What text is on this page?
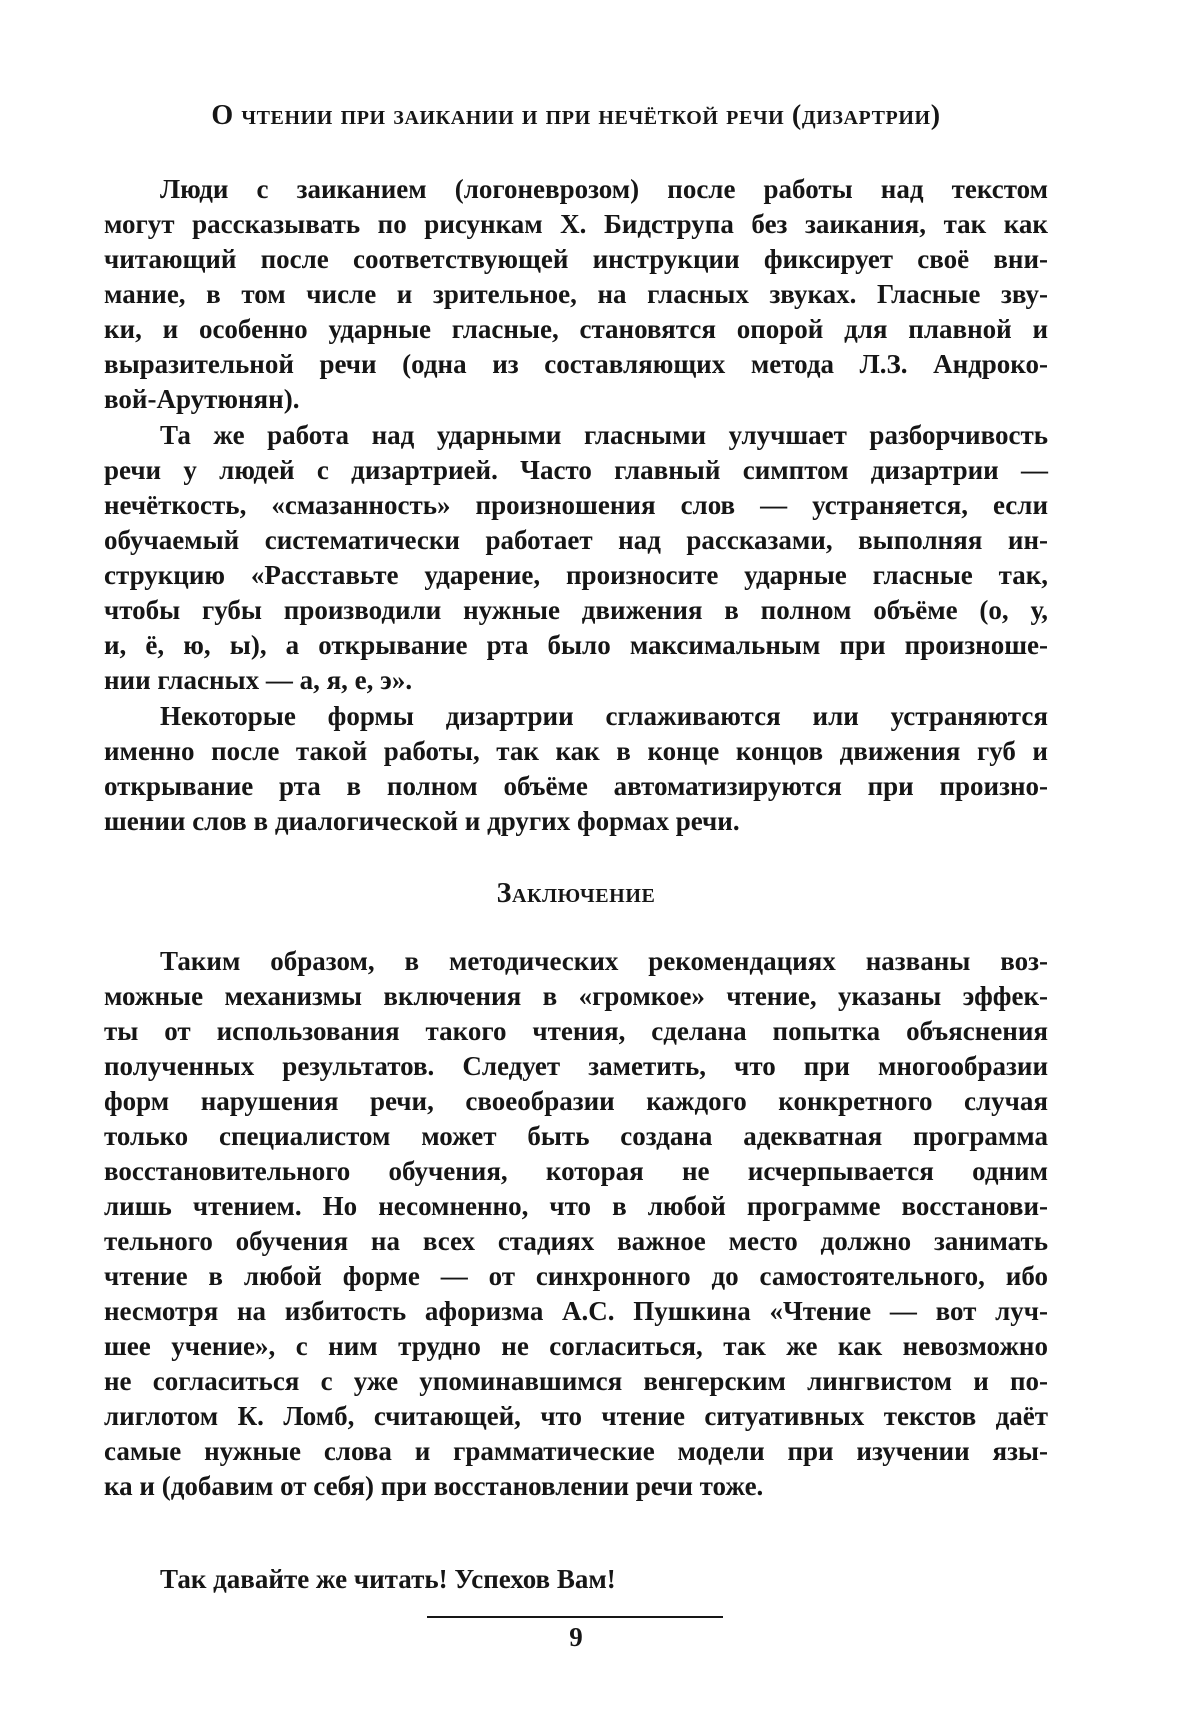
О чтении при заикании и при нечёткой речи (дизартрии)
Люди с заиканием (логоневрозом) после работы над текстом
могут рассказывать по рисункам Х. Бидструпа без заикания, так как
читающий после соответствующей инструкции фиксирует своё вни-
мание, в том числе и зрительное, на гласных звуках. Гласные зву-
ки, и особенно ударные гласные, становятся опорой для плавной и
выразительной речи (одна из составляющих метода Л.З. Андроко-
вой-Арутюнян).
Та же работа над ударными гласными улучшает разборчивость
речи у людей с дизартрией. Часто главный симптом дизартрии —
нечёткость, «смазанность» произношения слов — устраняется, если
обучаемый систематически работает над рассказами, выполняя ин-
струкцию «Расставьте ударение, произносите ударные гласные так,
чтобы губы производили нужные движения в полном объёме (о, у,
и, ё, ю, ы), а открывание рта было максимальным при произноше-
нии гласных — а, я, е, э».
Некоторые формы дизартрии сглаживаются или устраняются
именно после такой работы, так как в конце концов движения губ и
открывание рта в полном объёме автоматизируются при произно-
шении слов в диалогической и других формах речи.
Заключение
Таким образом, в методических рекомендациях названы воз-
можные механизмы включения в «громкое» чтение, указаны эффек-
ты от использования такого чтения, сделана попытка объяснения
полученных результатов. Следует заметить, что при многообразии
форм нарушения речи, своеобразии каждого конкретного случая
только специалистом может быть создана адекватная программа
восстановительного обучения, которая не исчерпывается одним
лишь чтением. Но несомненно, что в любой программе восстанови-
тельного обучения на всех стадиях важное место должно занимать
чтение в любой форме — от синхронного до самостоятельного, ибо
несмотря на избитость афоризма А.С. Пушкина «Чтение — вот луч-
шее учение», с ним трудно не согласиться, так же как невозможно
не согласиться с уже упоминавшимся венгерским лингвистом и по-
лиглотом К. Ломб, считающей, что чтение ситуативных текстов даёт
самые нужные слова и грамматические модели при изучении язы-
ка и (добавим от себя) при восстановлении речи тоже.
Так давайте же читать! Успехов Вам!
9
